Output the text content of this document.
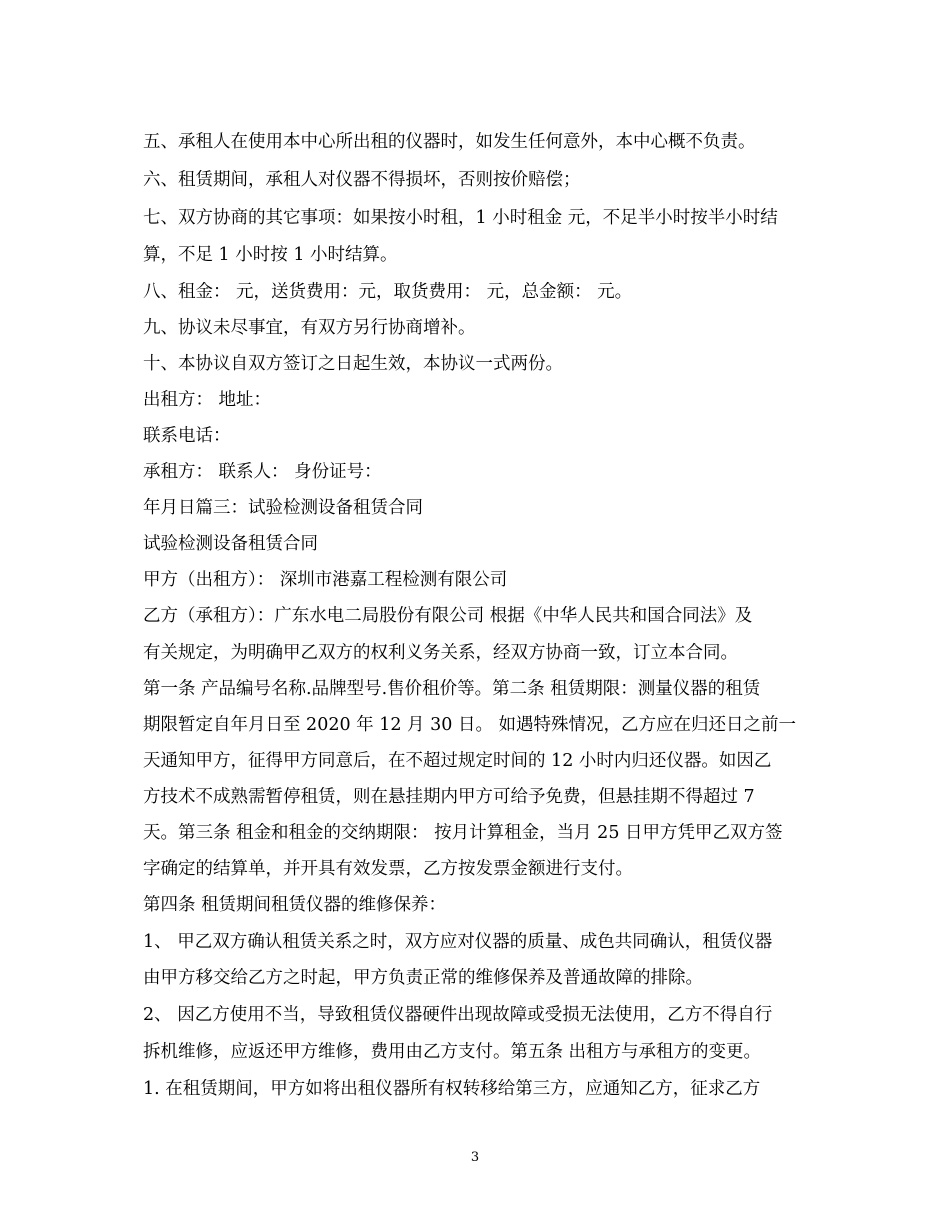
五、承租人在使用本中心所出租的仪器时，如发生任何意外，本中心概不负责。
六、租赁期间，承租人对仪器不得损坏，否则按价赔偿；
七、双方协商的其它事项：如果按小时租，1 小时租金 元，不足半小时按半小时结
算，不足 1 小时按 1 小时结算。
八、租金： 元，送货费用：元，取货费用： 元，总金额： 元。
九、协议未尽事宜，有双方另行协商增补。
十、本协议自双方签订之日起生效，本协议一式两份。
出租方： 地址：
联系电话：
承租方： 联系人： 身份证号：
年月日篇三：试验检测设备租赁合同
试验检测设备租赁合同
甲方（出租方）： 深圳市港嘉工程检测有限公司
乙方（承租方）：广东水电二局股份有限公司 根据《中华人民共和国合同法》及
有关规定，为明确甲乙双方的权利义务关系，经双方协商一致，订立本合同。
第一条 产品编号名称.品牌型号.售价租价等。第二条 租赁期限：测量仪器的租赁
期限暂定自年月日至 2020 年 12 月 30 日。 如遇特殊情况，乙方应在归还日之前一
天通知甲方，征得甲方同意后，在不超过规定时间的 12 小时内归还仪器。如因乙
方技术不成熟需暂停租赁，则在悬挂期内甲方可给予免费，但悬挂期不得超过 7
天。第三条 租金和租金的交纳期限： 按月计算租金，当月 25 日甲方凭甲乙双方签
字确定的结算单，并开具有效发票，乙方按发票金额进行支付。
第四条 租赁期间租赁仪器的维修保养：
1、 甲乙双方确认租赁关系之时，双方应对仪器的质量、成色共同确认，租赁仪器
由甲方移交给乙方之时起，甲方负责正常的维修保养及普通故障的排除。
2、 因乙方使用不当，导致租赁仪器硬件出现故障或受损无法使用，乙方不得自行
拆机维修，应返还甲方维修，费用由乙方支付。第五条 出租方与承租方的变更。
1. 在租赁期间，甲方如将出租仪器所有权转移给第三方，应通知乙方，征求乙方
3
